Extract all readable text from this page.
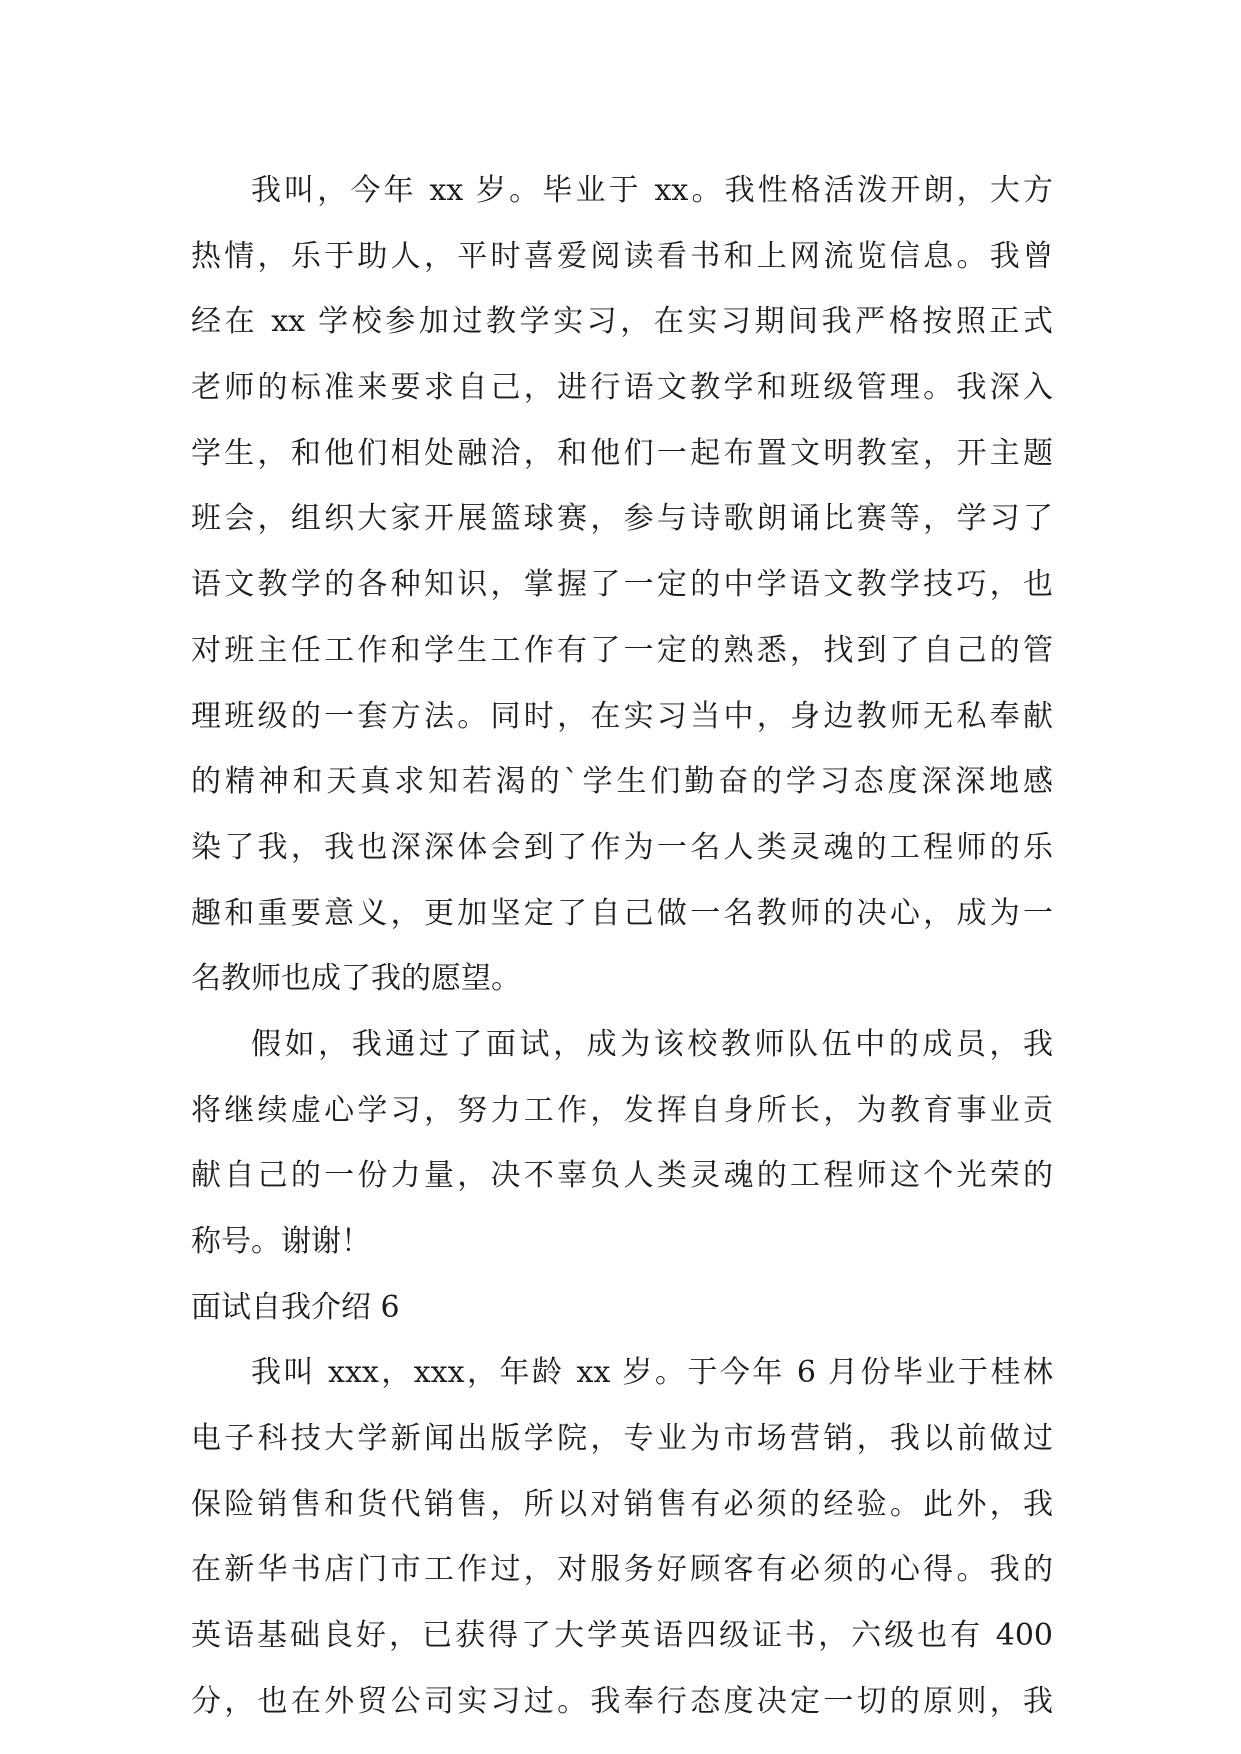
我叫，今年 xx 岁。毕业于 xx。我性格活泼开朗，大方
热情，乐于助人，平时喜爱阅读看书和上网流览信息。我曾
经在 xx 学校参加过教学实习，在实习期间我严格按照正式
老师的标准来要求自己，进行语文教学和班级管理。我深入
学生，和他们相处融洽，和他们一起布置文明教室，开主题
班会，组织大家开展篮球赛，参与诗歌朗诵比赛等，学习了
语文教学的各种知识，掌握了一定的中学语文教学技巧，也
对班主任工作和学生工作有了一定的熟悉，找到了自己的管
理班级的一套方法。同时，在实习当中，身边教师无私奉献
的精神和天真求知若渴的`学生们勤奋的学习态度深深地感
染了我，我也深深体会到了作为一名人类灵魂的工程师的乐
趣和重要意义，更加坚定了自己做一名教师的决心，成为一
名教师也成了我的愿望。
假如，我通过了面试，成为该校教师队伍中的成员，我
将继续虚心学习，努力工作，发挥自身所长，为教育事业贡
献自己的一份力量，决不辜负人类灵魂的工程师这个光荣的
称号。谢谢！
面试自我介绍 6
我叫 xxx，xxx，年龄 xx 岁。于今年 6 月份毕业于桂林
电子科技大学新闻出版学院，专业为市场营销，我以前做过
保险销售和货代销售，所以对销售有必须的经验。此外，我
在新华书店门市工作过，对服务好顾客有必须的心得。我的
英语基础良好，已获得了大学英语四级证书，六级也有 400
分，也在外贸公司实习过。我奉行态度决定一切的原则，我
